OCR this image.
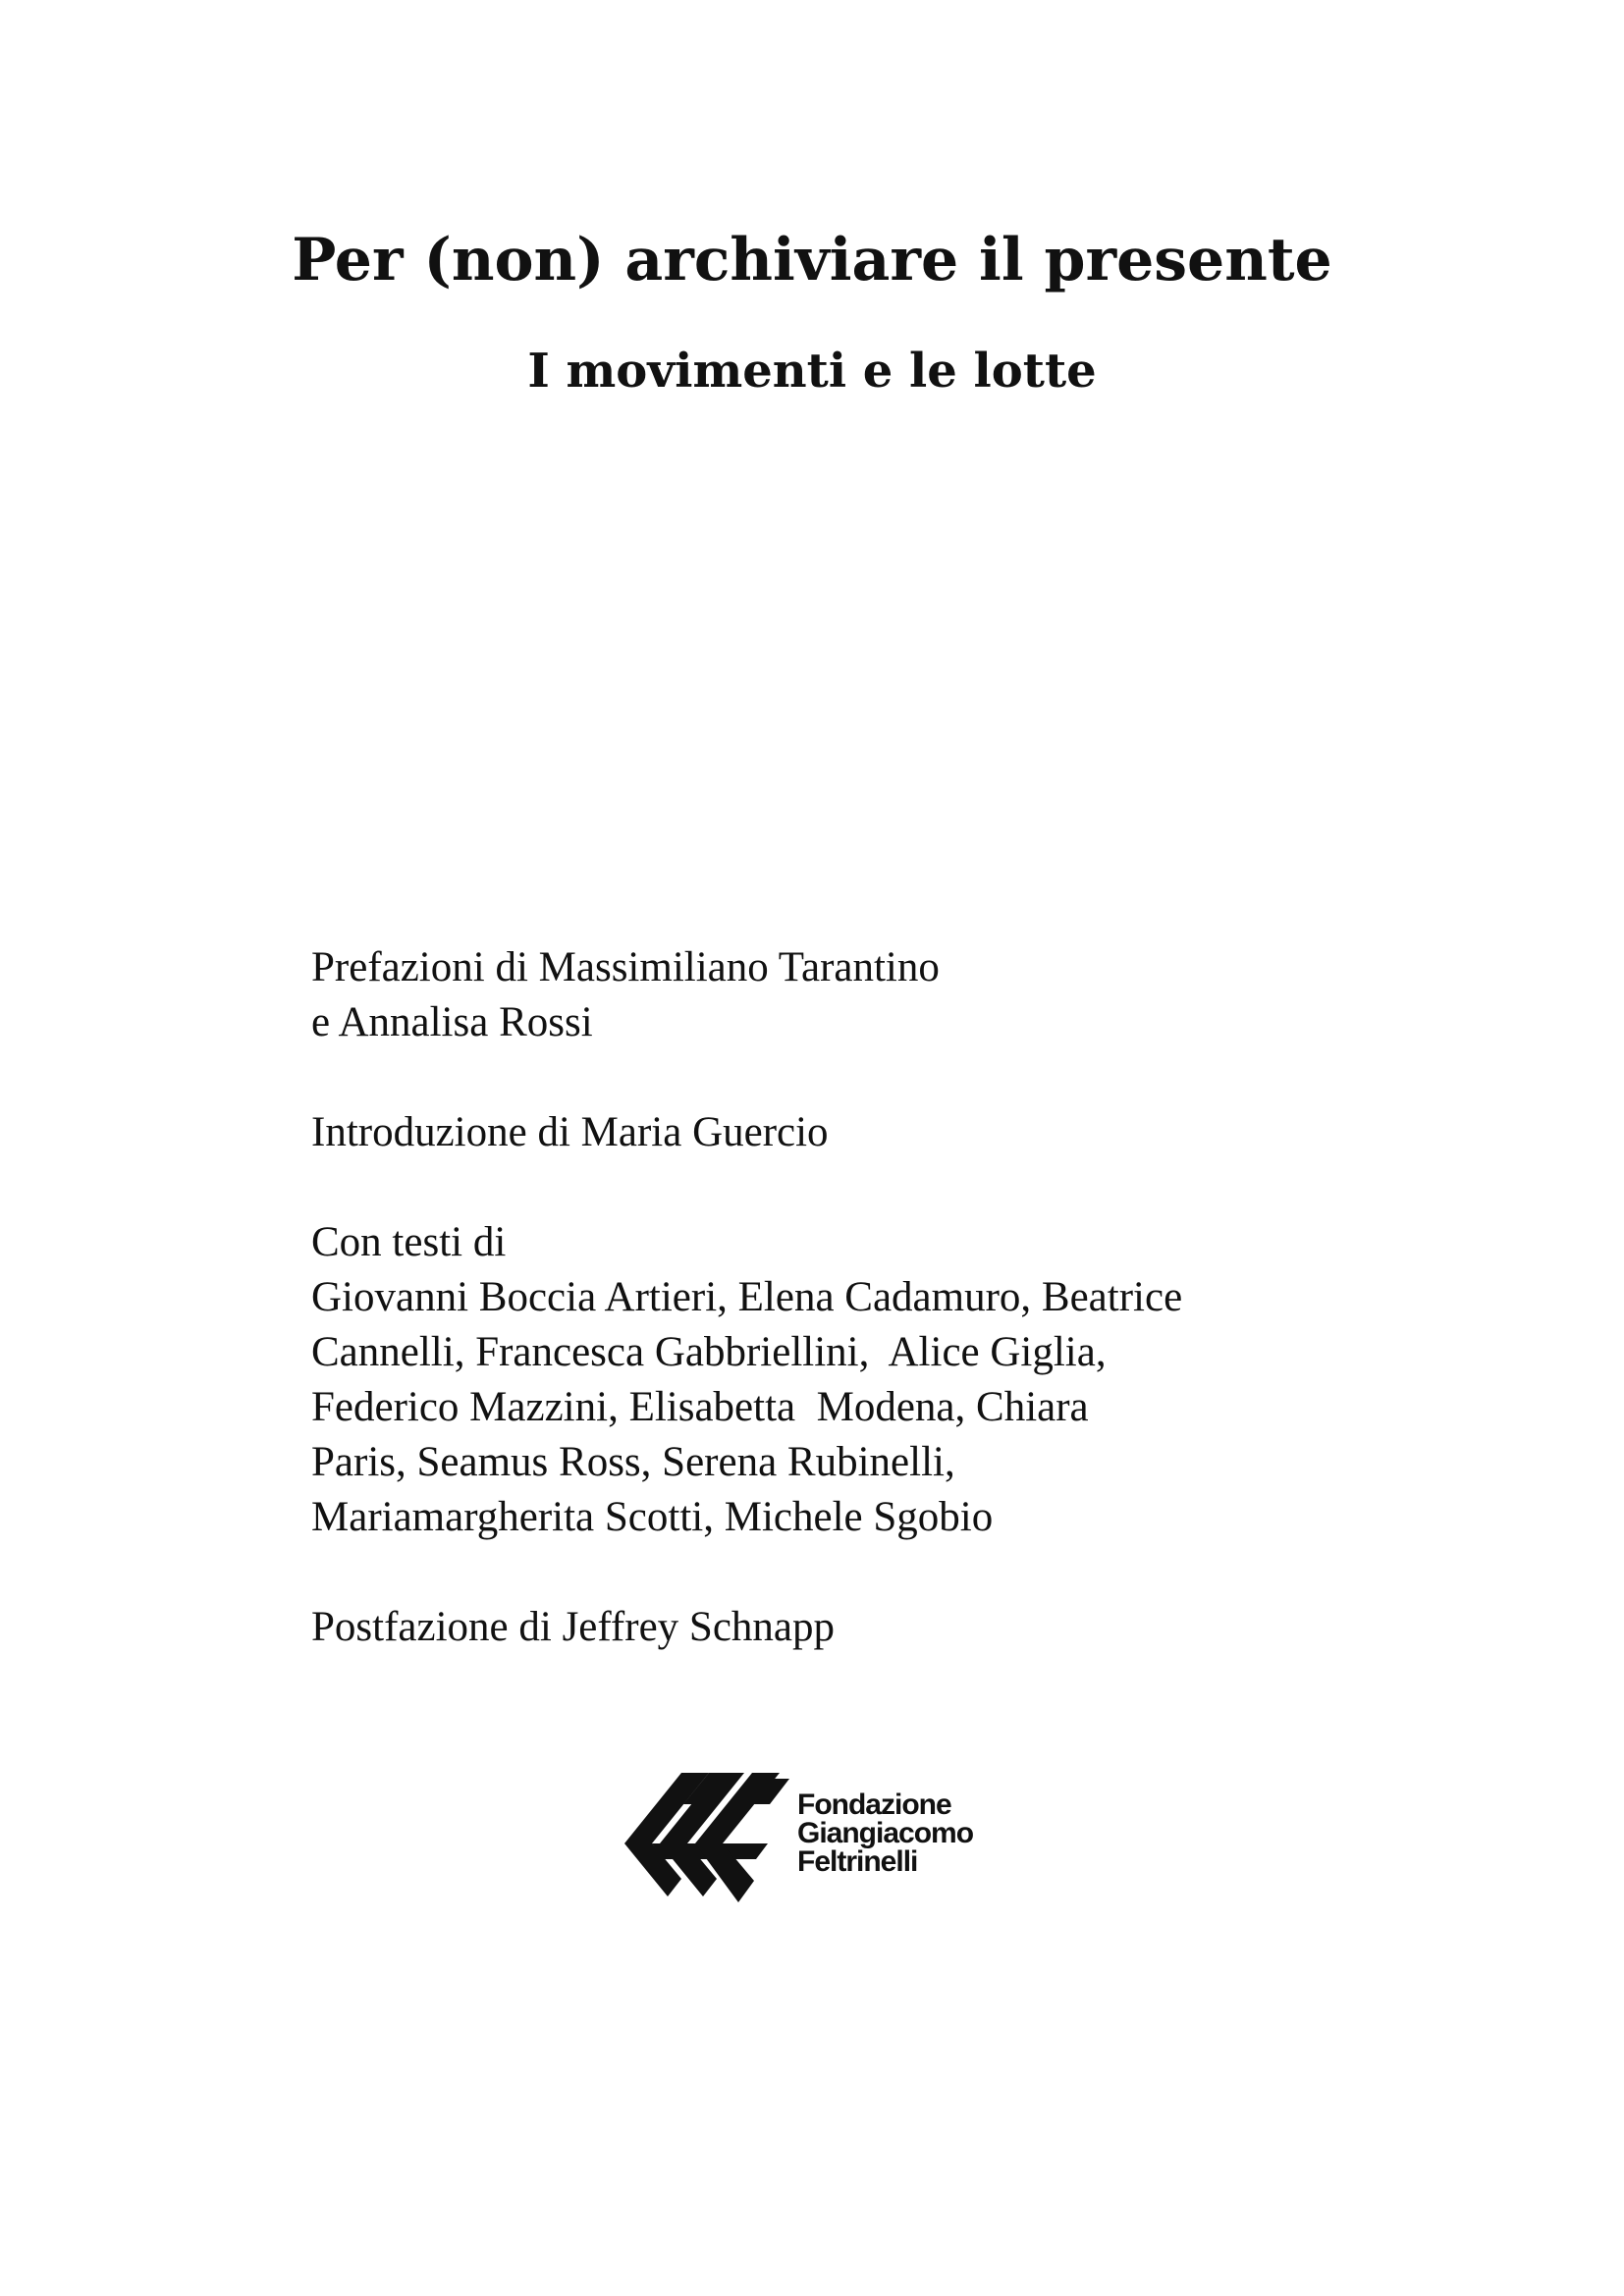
Per (non) archiviare il presente
I movimenti e le lotte

Prefazioni di Massimiliano Tarantino

e Annalisa Rossi

Introduzione di Maria Guercio

Con testi di

Giovanni Boccia Artieri, Elena Cadamuro, Beatrice

Cannelli, Francesca Gabbriellini,  Alice Giglia,

Federico Mazzini, Elisabetta  Modena, Chiara

Paris, Seamus Ross, Serena Rubinelli,

Mariamargherita Scotti, Michele Sgobio

Postfazione di Jeffrey Schnapp

Fondazione
Giangiacomo
Feltrinelli
